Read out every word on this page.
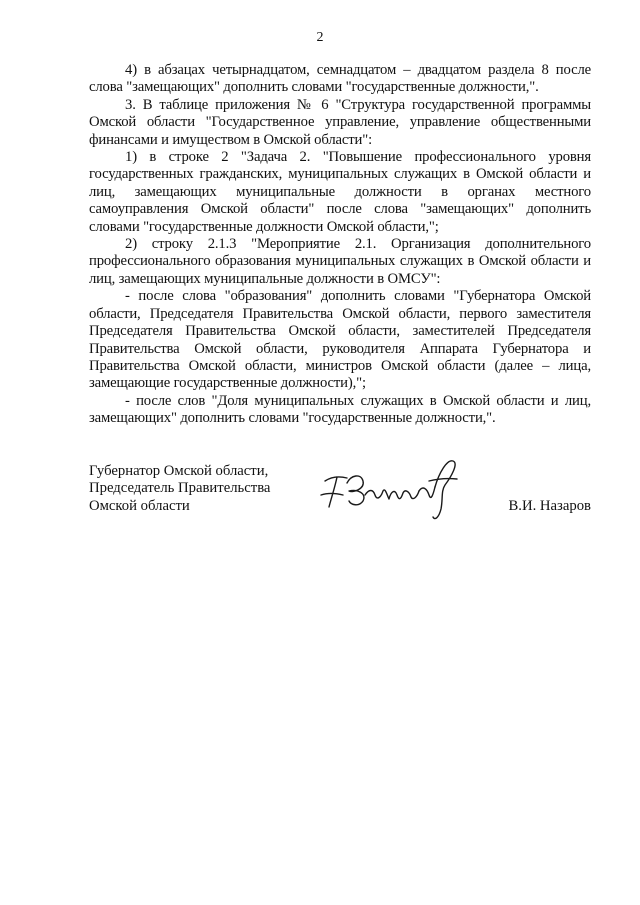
2

4) в абзацах четырнадцатом, семнадцатом – двадцатом раздела 8 после слова "замещающих" дополнить словами "государственные должности,".

3. В таблице приложения № 6 "Структура государственной программы Омской области "Государственное управление, управление общественными финансами и имуществом в Омской области":

1) в строке 2 "Задача 2. "Повышение профессионального уровня государственных гражданских, муниципальных служащих в Омской области и лиц, замещающих муниципальные должности в органах местного самоуправления Омской области" после слова "замещающих" дополнить словами "государственные должности Омской области,";

2) строку 2.1.3 "Мероприятие 2.1. Организация дополнительного профессионального образования муниципальных служащих в Омской области и лиц, замещающих муниципальные должности в ОМСУ":

- после слова "образования" дополнить словами "Губернатора Омской области, Председателя Правительства Омской области, первого заместителя Председателя Правительства Омской области, заместителей Председателя Правительства Омской области, руководителя Аппарата Губернатора и Правительства Омской области, министров Омской области (далее – лица, замещающие государственные должности),";

- после слов "Доля муниципальных служащих в Омской области и лиц, замещающих" дополнить словами "государственные должности,".

Губернатор Омской области,
Председатель Правительства
Омской области	В.И. Назаров
